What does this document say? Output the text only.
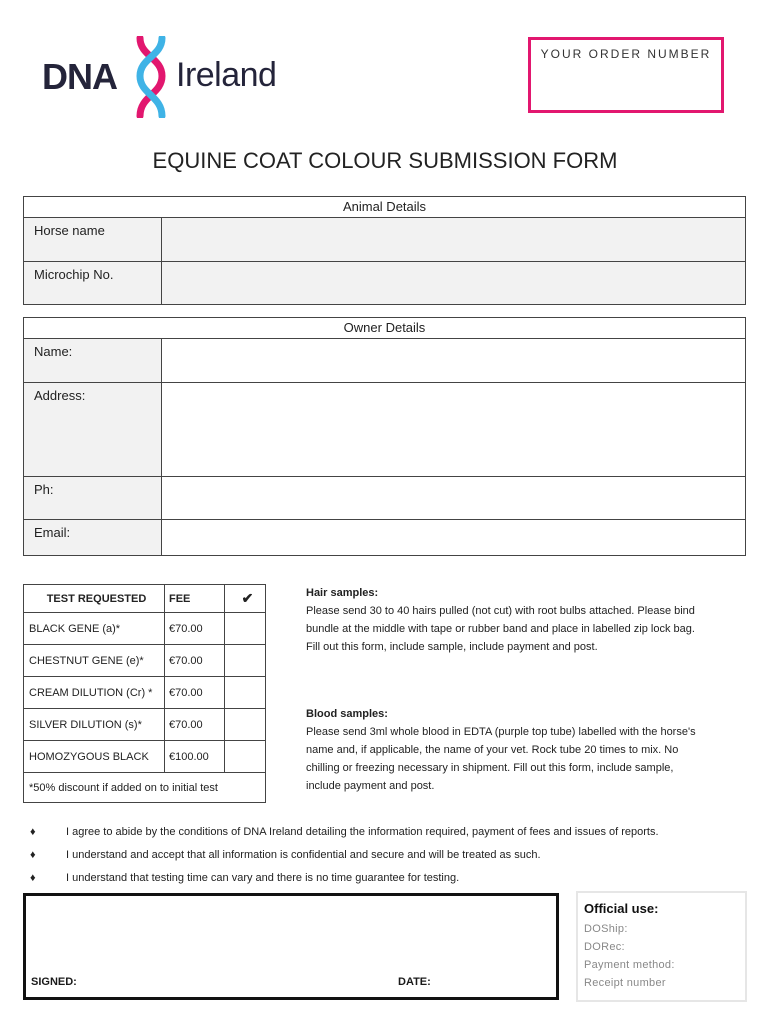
DNA Ireland
YOUR ORDER NUMBER
EQUINE COAT COLOUR SUBMISSION FORM
Animal Details	
Horse name	
Microchip No.	
Owner Details	
Name:	
Address:	
Ph:	
Email:	
TEST REQUESTED	FEE	✔
BLACK GENE (a)*	€70.00	
CHESTNUT GENE (e)*	€70.00	
CREAM DILUTION (Cr) *	€70.00	
SILVER DILUTION (s)*	€70.00	
HOMOZYGOUS BLACK	€100.00	
*50% discount if added on to initial test		
Hair samples:
Please send 30 to 40 hairs pulled (not cut) with root bulbs attached. Please bind
bundle at the middle with tape or rubber band and place in labelled zip lock bag.
Fill out this form, include sample, include payment and post.
Blood samples:
Please send 3ml whole blood in EDTA (purple top tube) labelled with the horse's
name and, if applicable, the name of your vet. Rock tube 20 times to mix. No
chilling or freezing necessary in shipment. Fill out this form, include sample,
include payment and post.
♦	I agree to abide by the conditions of DNA Ireland detailing the information required, payment of fees and issues of reports.
♦	I understand and accept that all information is confidential and secure and will be treated as such.
♦	I understand that testing time can vary and there is no time guarantee for testing.
SIGNED:	DATE:
Official use:
DOShip:
DORec:
Payment method:
Receipt number
